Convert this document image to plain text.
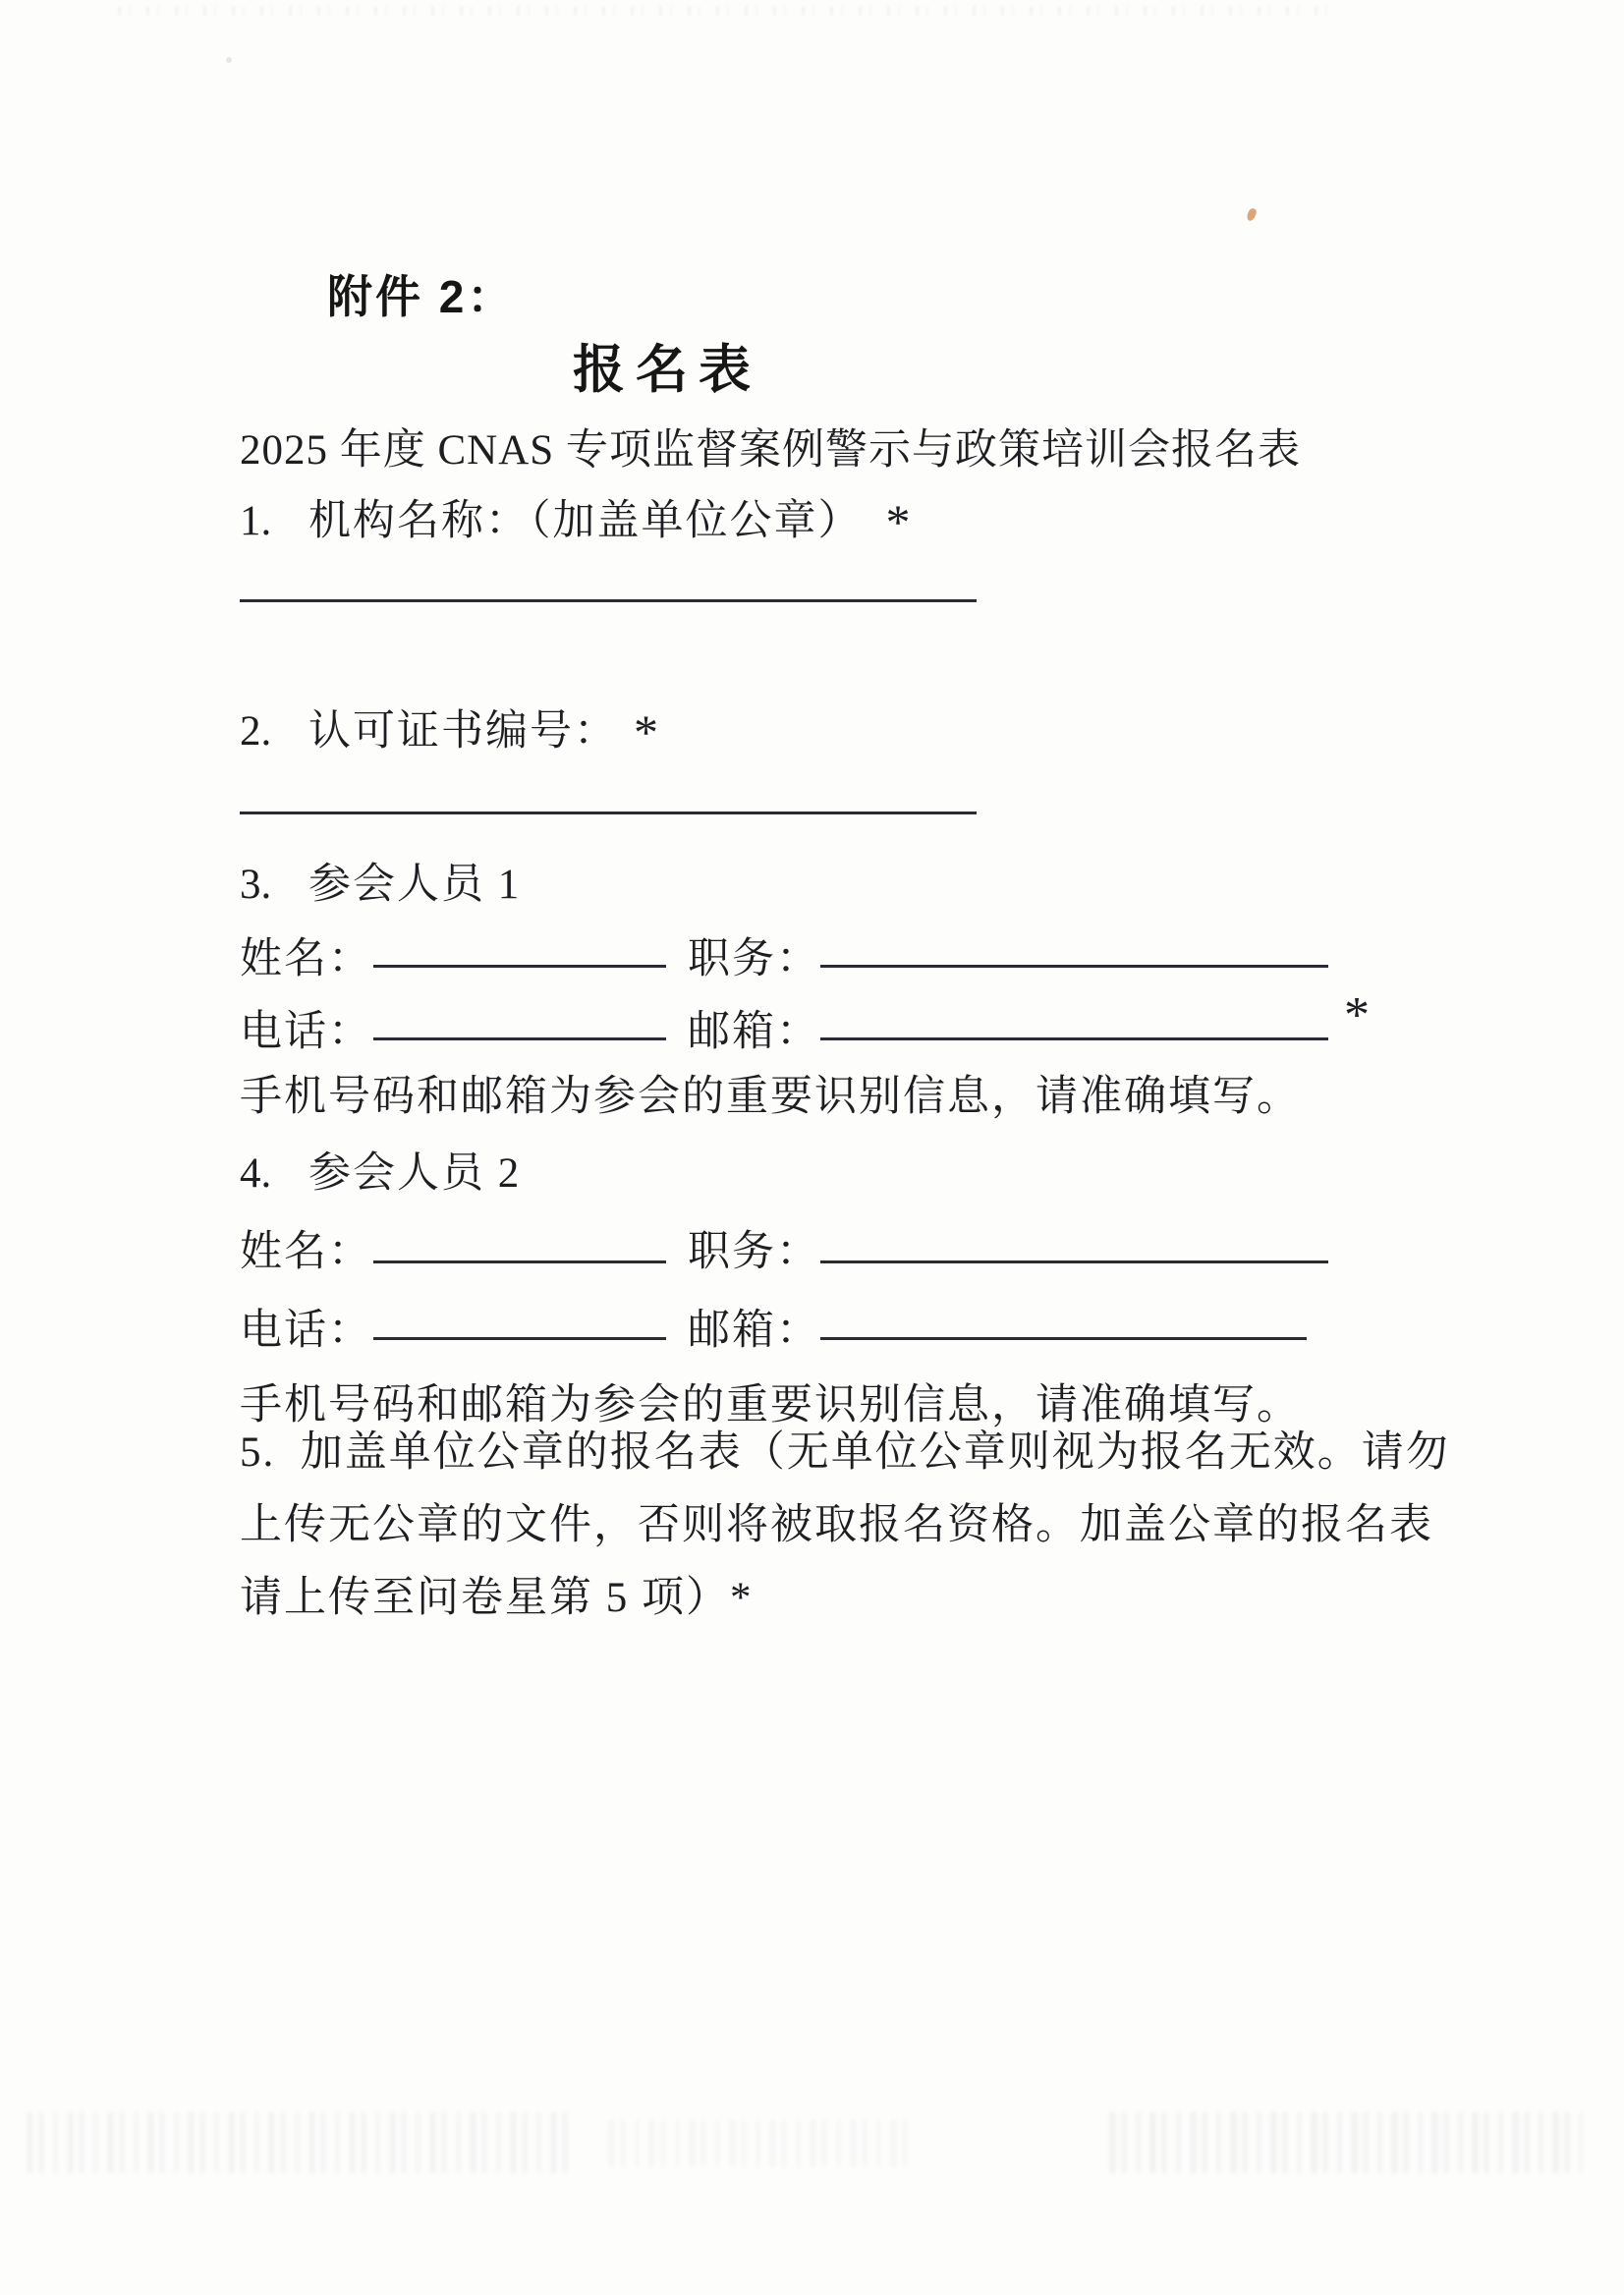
附件 2：
报名表
2025 年度 CNAS 专项监督案例警示与政策培训会报名表
1. 机构名称：（加盖单位公章） *
2. 认可证书编号： *
3. 参会人员 1
姓名：	职务：
电话：	邮箱：	*
手机号码和邮箱为参会的重要识别信息，请准确填写。
4. 参会人员 2
姓名：	职务：
电话：	邮箱：
手机号码和邮箱为参会的重要识别信息，请准确填写。
5.  加盖单位公章的报名表（无单位公章则视为报名无效。请勿
上传无公章的文件，否则将被取报名资格。加盖公章的报名表
请上传至问卷星第 5 项）*
